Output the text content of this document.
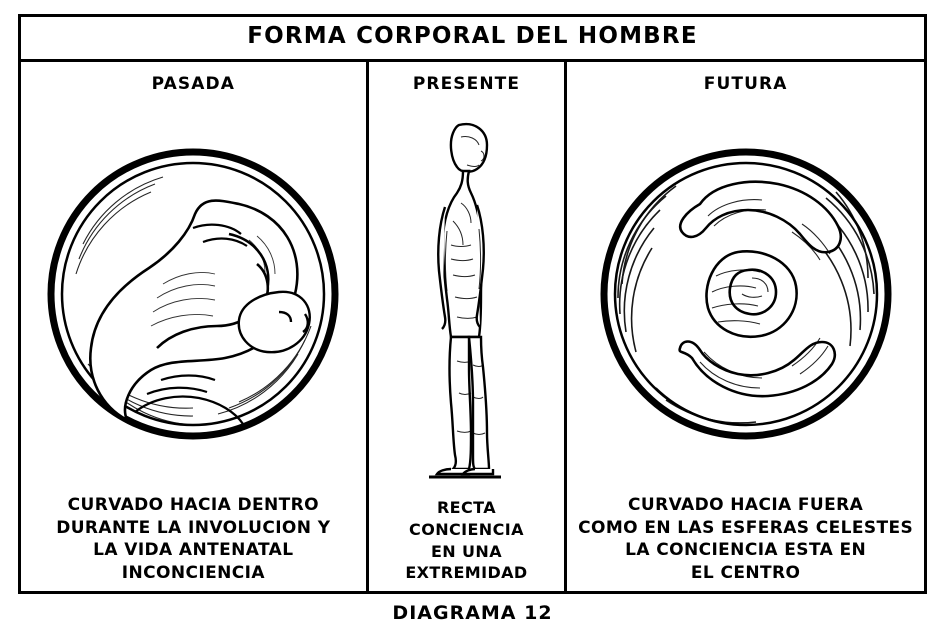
FORMA CORPORAL DEL HOMBRE
PASADA
CURVADO HACIA DENTRO
DURANTE LA INVOLUCION Y
LA VIDA ANTENATAL
INCONCIENCIA
PRESENTE
RECTA
CONCIENCIA
EN UNA
EXTREMIDAD
FUTURA
CURVADO HACIA FUERA
COMO EN LAS ESFERAS CELESTES
LA CONCIENCIA ESTA EN
EL CENTRO
DIAGRAMA 12
